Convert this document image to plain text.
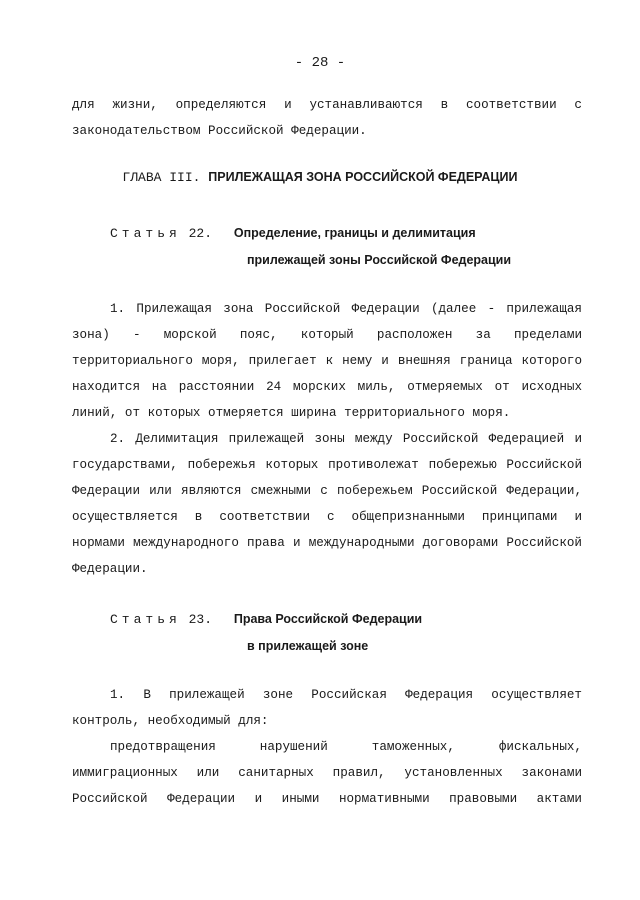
- 28 -
для жизни, определяются и устанавливаются в соответствии с
законодательством Российской Федерации.
ГЛАВА III. ПРИЛЕЖАЩАЯ ЗОНА РОССИЙСКОЙ ФЕДЕРАЦИИ
Статья 22. Определение, границы и делимитация
прилежащей зоны Российской Федерации
1. Прилежащая зона Российской Федерации (далее - прилежащая
зона) - морской пояс, который расположен за пределами
территориального моря, прилегает к нему и внешняя граница которого
находится на расстоянии 24 морских миль, отмеряемых от исходных
линий, от которых отмеряется ширина территориального моря.
2. Делимитация прилежащей зоны между Российской Федерацией и
государствами, побережья которых противолежат побережью Российской
Федерации или являются смежными с побережьем Российской Федерации,
осуществляется в соответствии с общепризнанными принципами и
нормами международного права и международными договорами Российской
Федерации.
Статья 23. Права Российской Федерации
в прилежащей зоне
1. В прилежащей зоне Российская Федерация осуществляет
контроль, необходимый для:
предотвращения нарушений таможенных, фискальных,
иммиграционных или санитарных правил, установленных законами
Российской Федерации и иными нормативными правовыми актами
